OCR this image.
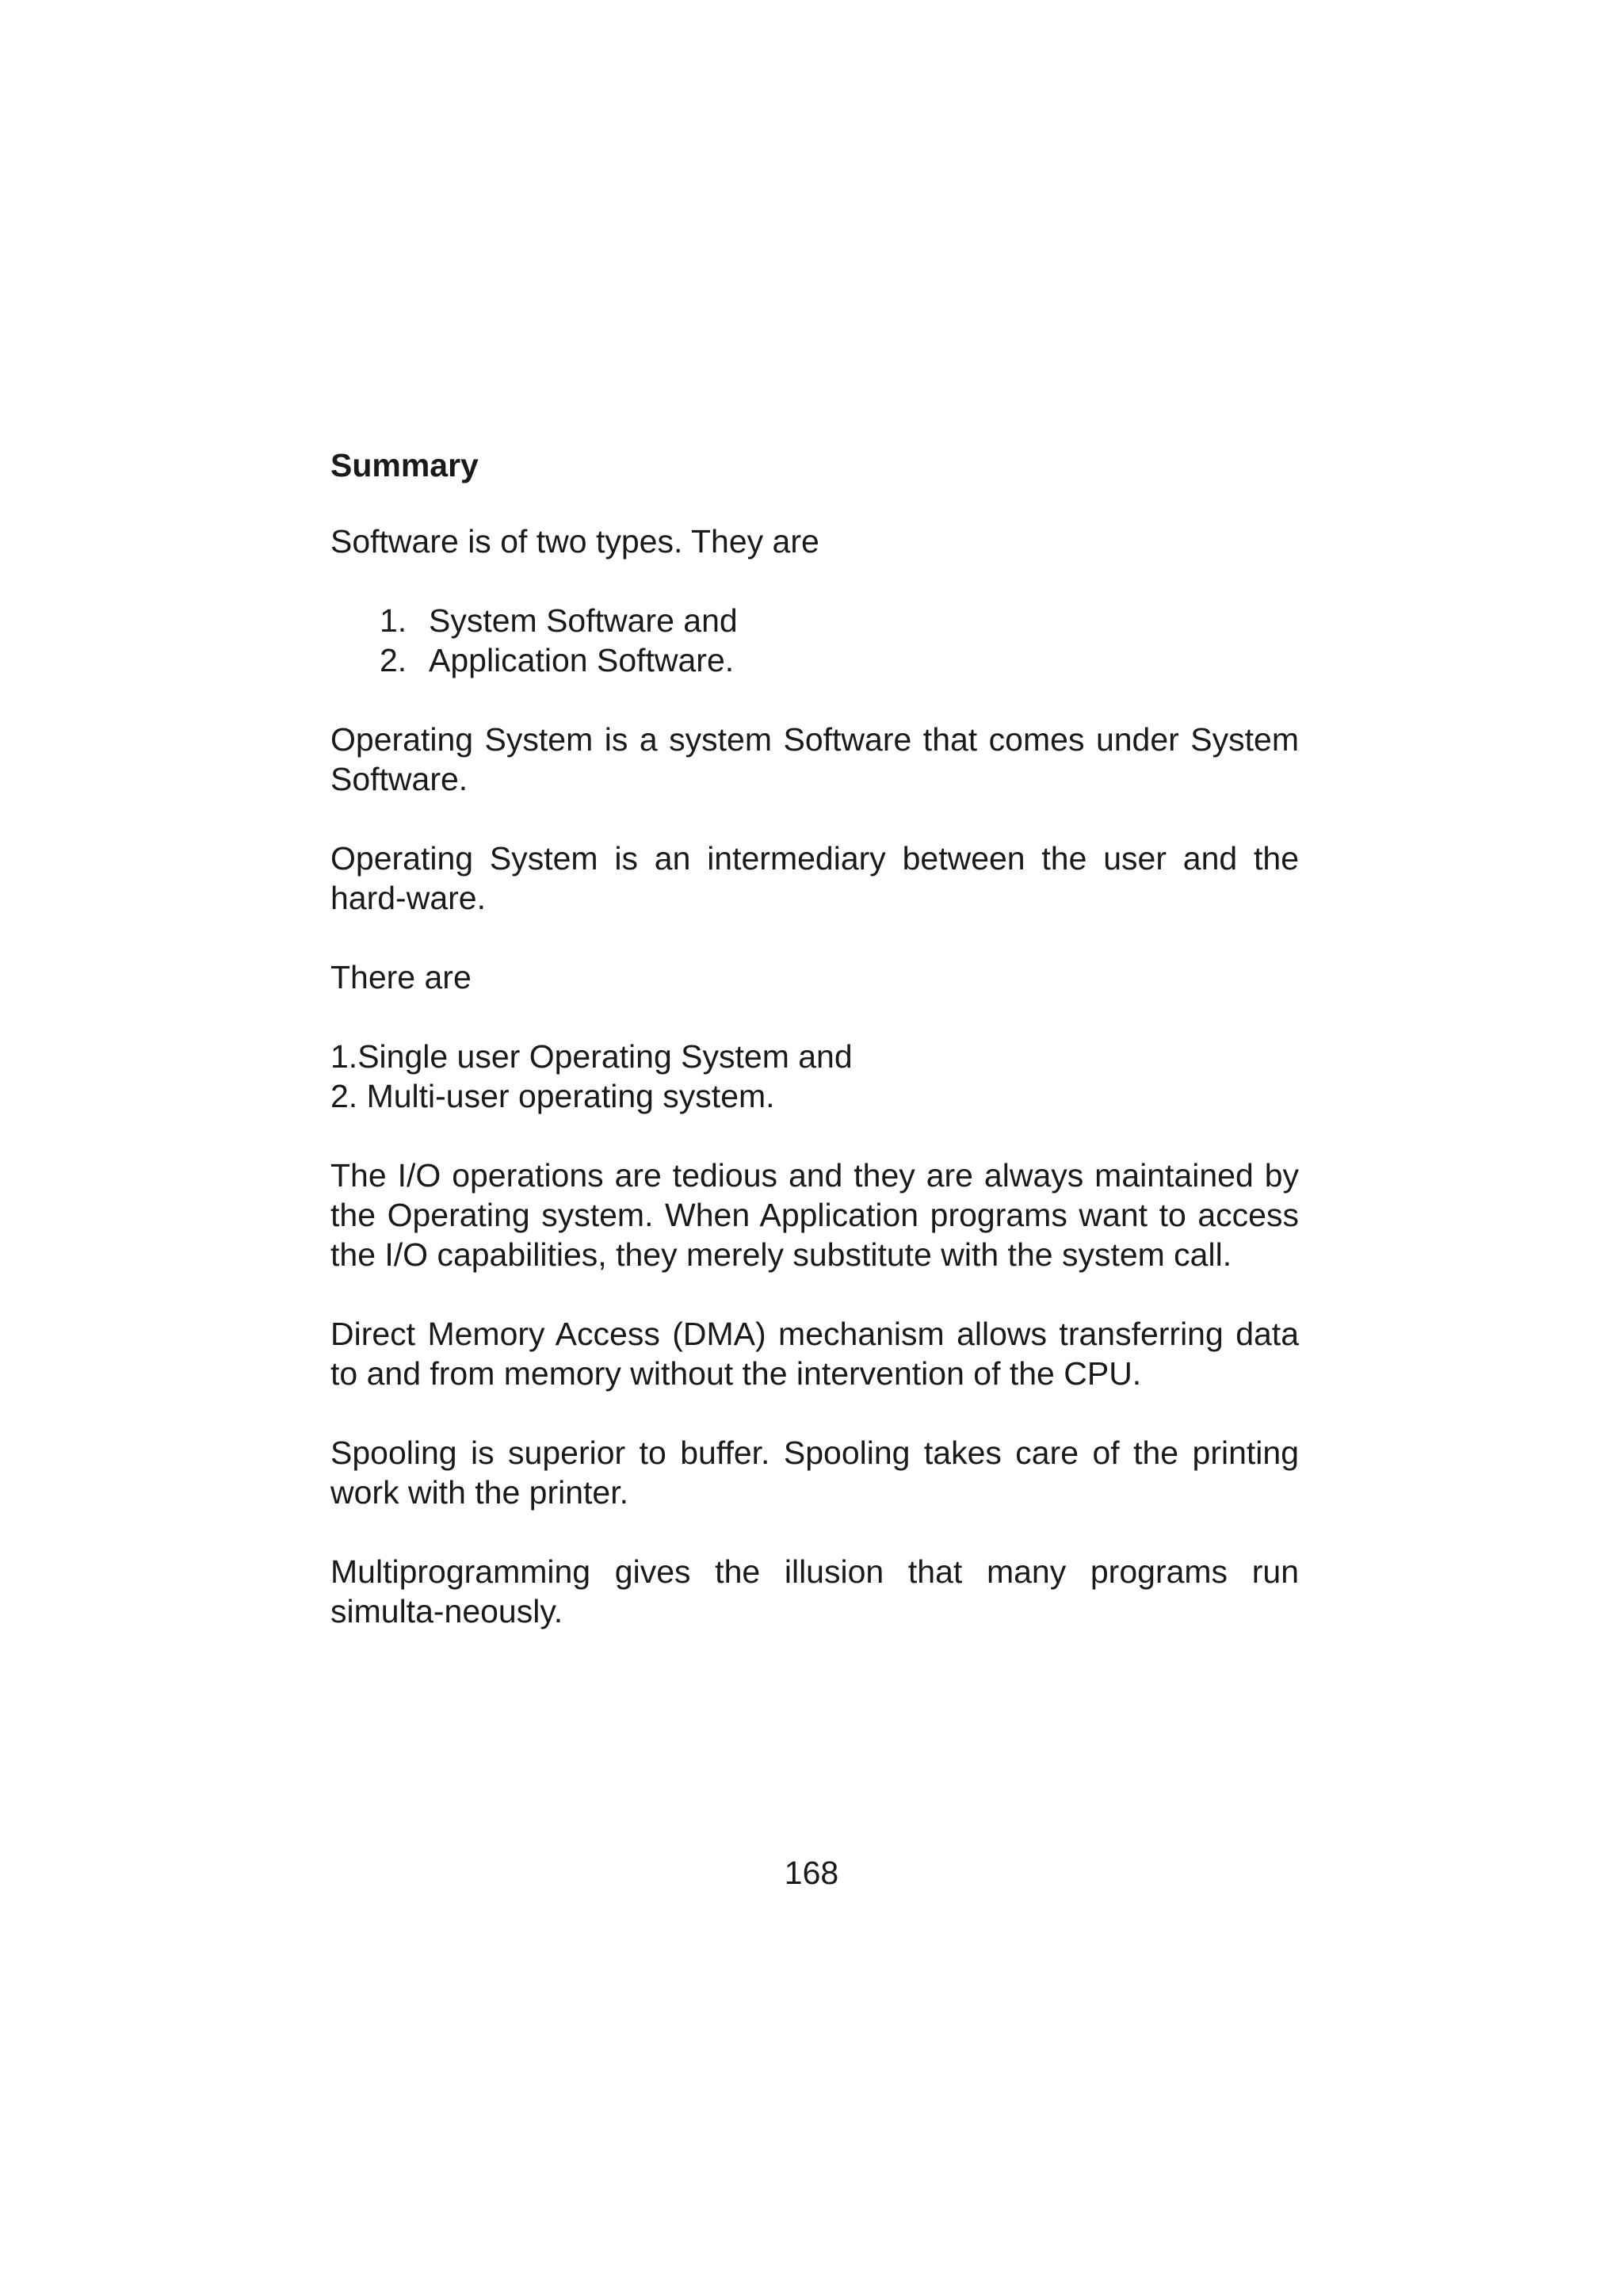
Summary
Software is of two types. They are
1. System Software and
2. Application Software.
Operating System is a system Software that comes under System Software.
Operating System is an intermediary between the user and the hard-ware.
There are
1.Single user Operating System and
2. Multi-user operating system.
The I/O operations are tedious and they are always maintained by the Operating system. When Application programs want to access the I/O capabilities, they merely substitute with the system call.
Direct Memory Access (DMA) mechanism allows transferring data to and from memory without the intervention of the CPU.
Spooling is superior to buffer. Spooling takes care of the printing work with the printer.
Multiprogramming gives the illusion that many programs run simulta-neously.
168
